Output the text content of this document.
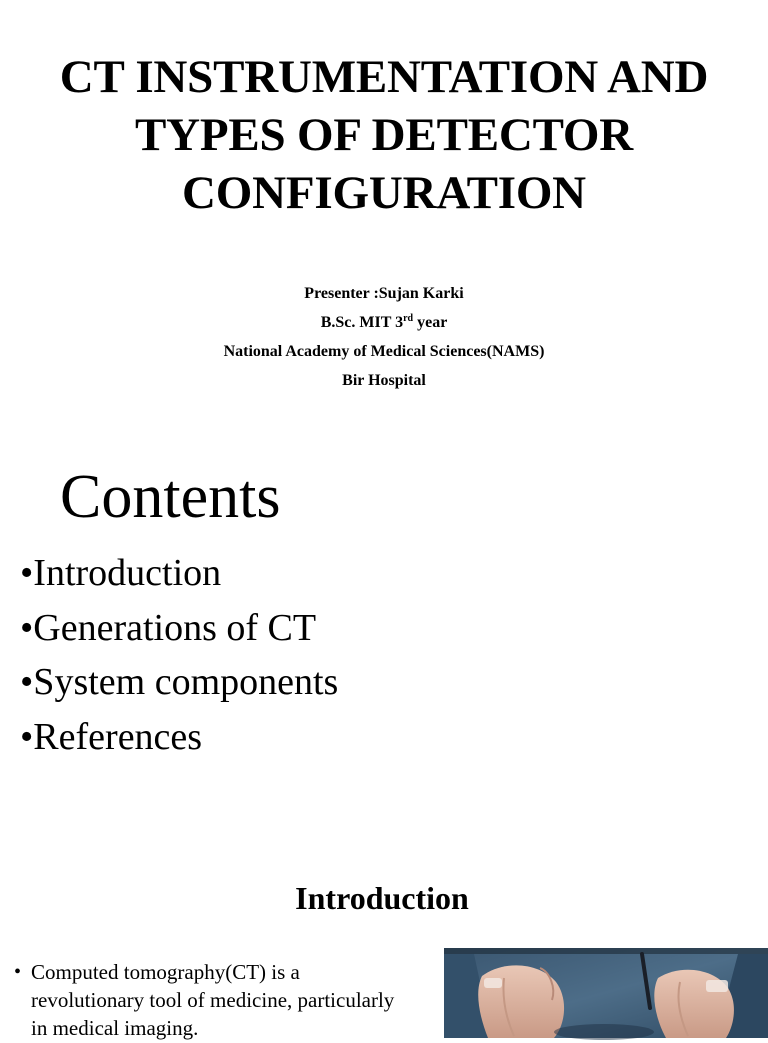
CT INSTRUMENTATION AND
TYPES OF DETECTOR
CONFIGURATION
Presenter :Sujan Karki
B.Sc. MIT 3rd year
National Academy of Medical Sciences(NAMS)
Bir Hospital
Contents
•Introduction
•Generations of CT
•System components
•References
Introduction
• Computed tomography(CT) is a revolutionary tool of medicine, particularly in medical imaging.
